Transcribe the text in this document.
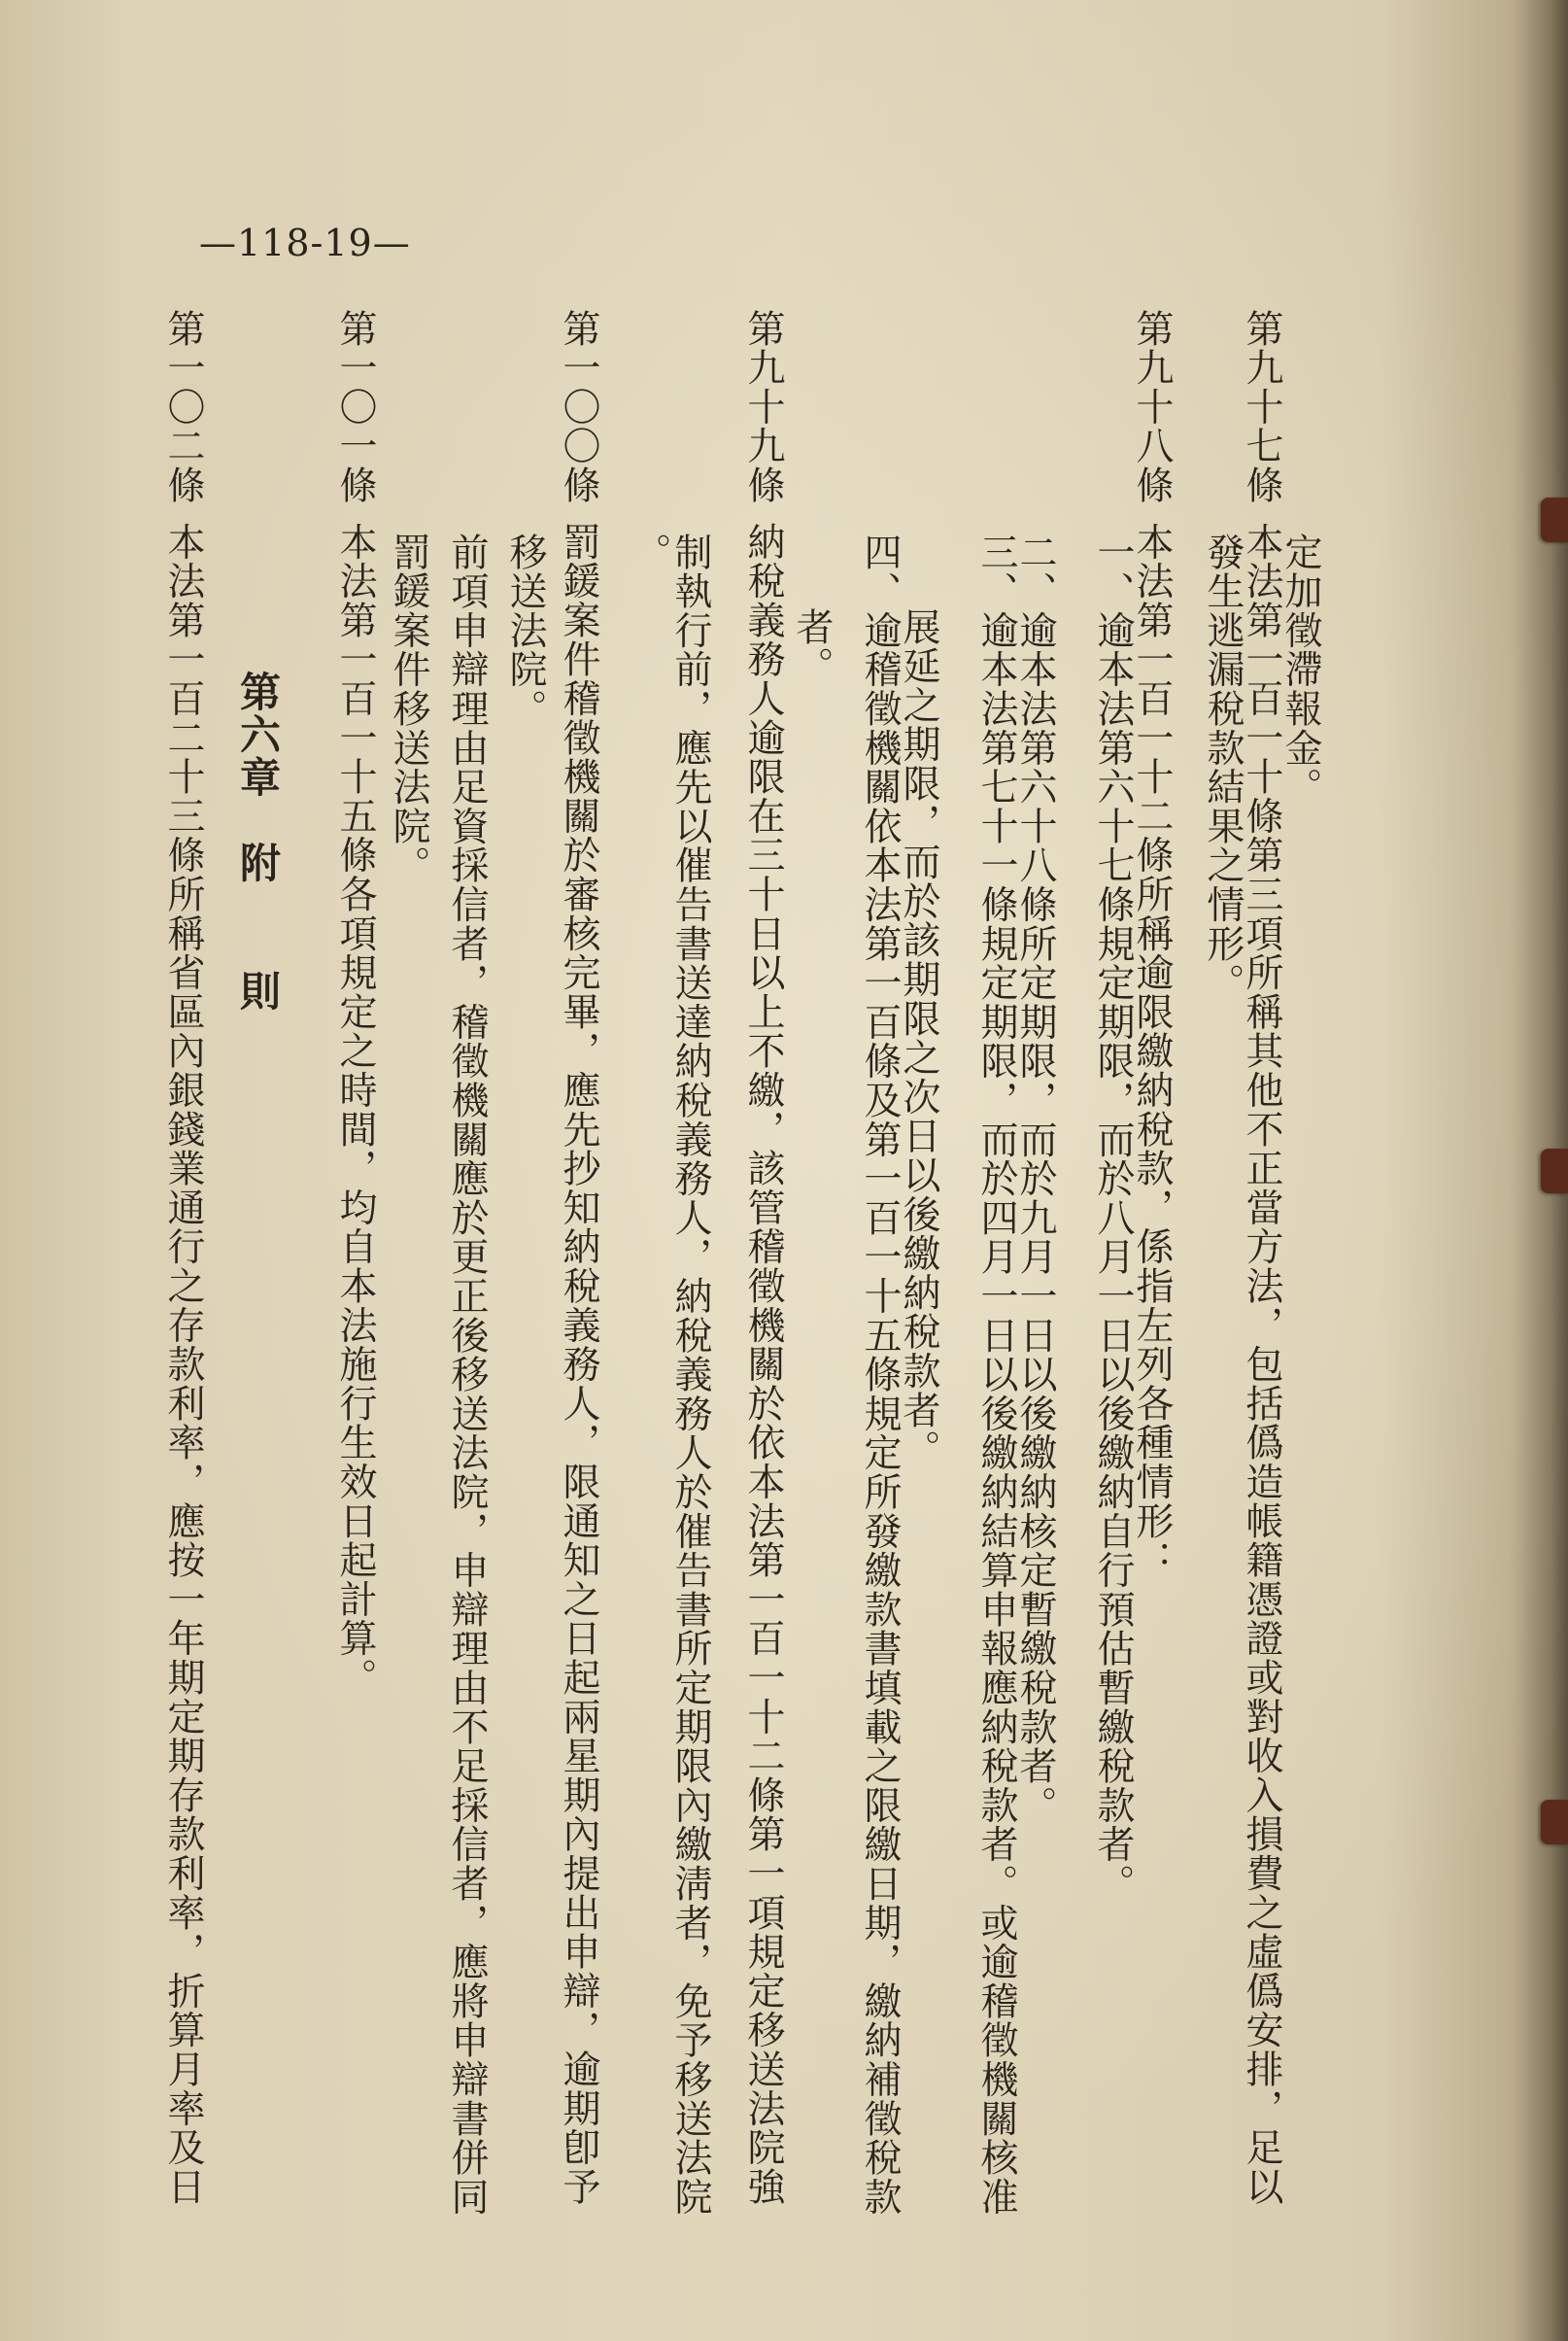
—118-19—
定加徵滯報金。
第九十七條本法第一百一十條第三項所稱其他不正當方法，包括僞造帳籍憑證或對收入損費之虛僞安排，足以
發生逃漏稅款結果之情形。
第九十八條本法第一百一十二條所稱逾限繳納稅款，係指左列各種情形：
一、逾本法第六十七條規定期限，而於八月一日以後繳納自行預估暫繳稅款者。
二、逾本法第六十八條所定期限，而於九月一日以後繳納核定暫繳稅款者。
三、逾本法第七十一條規定期限，而於四月一日以後繳納結算申報應納稅款者。或逾稽徵機關核准
展延之期限，而於該期限之次日以後繳納稅款者。
四、逾稽徵機關依本法第一百條及第一百一十五條規定所發繳款書填載之限繳日期，繳納補徵稅款
者。
第九十九條納稅義務人逾限在三十日以上不繳，該管稽徵機關於依本法第一百一十二條第一項規定移送法院強
制執行前，應先以催告書送達納稅義務人，納稅義務人於催告書所定期限內繳淸者，免予移送法院
。
第一〇〇條罰鍰案件稽徵機關於審核完畢，應先抄知納稅義務人，限通知之日起兩星期內提出申辯，逾期卽予
移送法院。
前項申辯理由足資採信者，稽徵機關應於更正後移送法院，申辯理由不足採信者，應將申辯書併同
罰鍰案件移送法院。
第一〇一條本法第一百一十五條各項規定之時間，均自本法施行生效日起計算。
第六章　附　　則
第一〇二條本法第一百二十三條所稱省區內銀錢業通行之存款利率，應按一年期定期存款利率，折算月率及日
